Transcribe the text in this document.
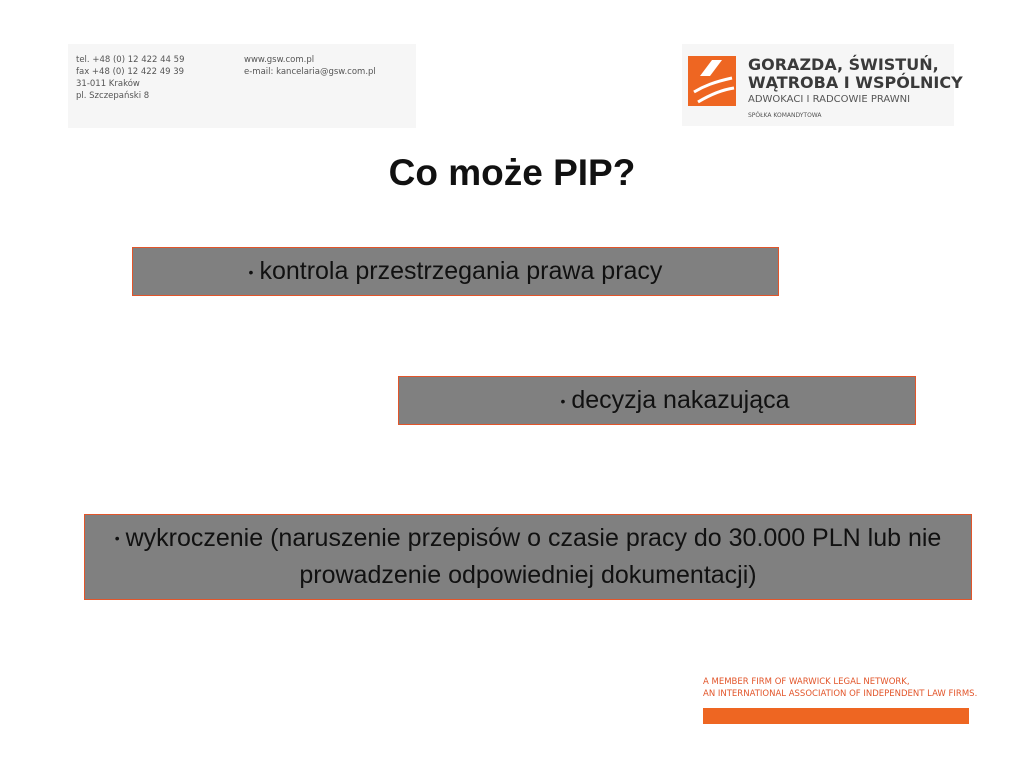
tel. +48 (0) 12 422 44 59
fax +48 (0) 12 422 49 39
31-011 Kraków
pl. Szczepański 8
www.gsw.com.pl
e-mail: kancelaria@gsw.com.pl	GORAZDA, ŚWISTUŃ,
WĄTROBA I WSPÓLNICY
ADWOKACI I RADCOWIE PRAWNI
SPÓŁKA KOMANDYTOWA
Co może PIP?
• kontrola przestrzegania prawa pracy
• decyzja nakazująca
• wykroczenie (naruszenie przepisów o czasie pracy do 30.000 PLN lub nie prowadzenie odpowiedniej dokumentacji)
A MEMBER FIRM OF WARWICK LEGAL NETWORK,
AN INTERNATIONAL ASSOCIATION OF INDEPENDENT LAW FIRMS.
